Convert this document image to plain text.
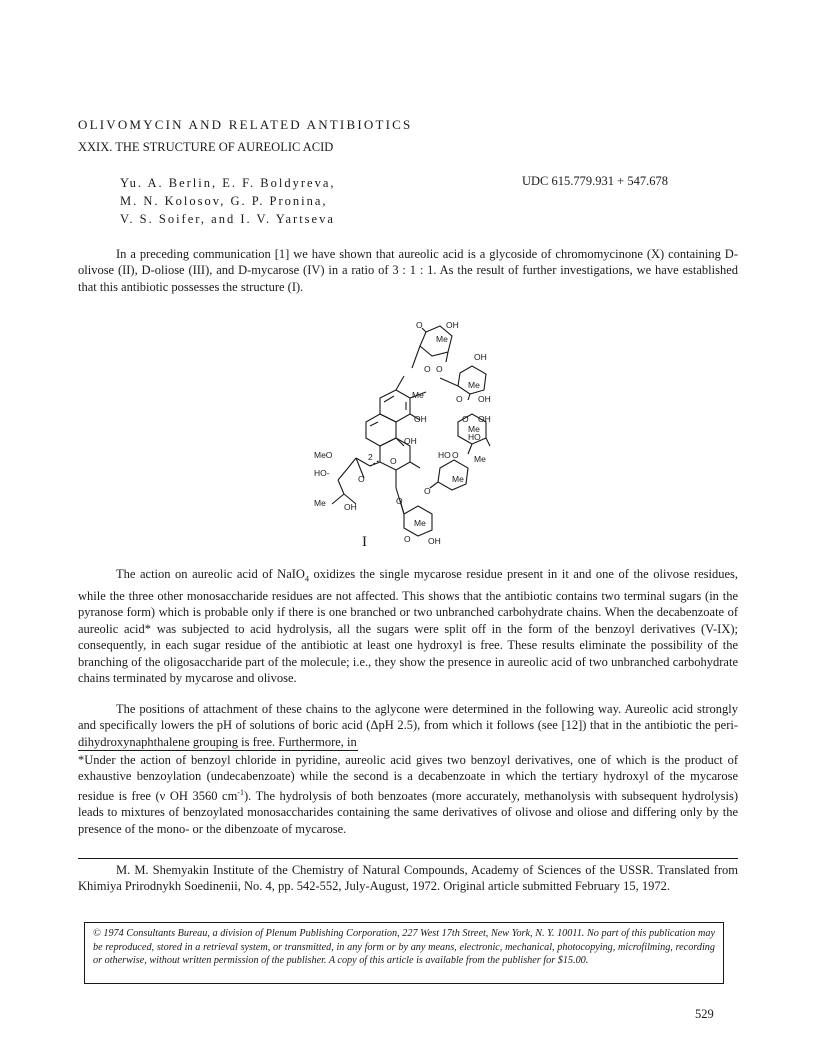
OLIVOMYCIN AND RELATED ANTIBIOTICS
XXIX. THE STRUCTURE OF AUREOLIC ACID
Yu. A. Berlin, E. F. Boldyreva,
M. N. Kolosov, G. P. Pronina,
V. S. Soifer, and I. V. Yartseva
UDC 615.779.931 + 547.678

In a preceding communication [1] we have shown that aureolic acid is a glycoside of chromomycinone (X) containing D-olivose (II), D-oliose (III), and D-mycarose (IV) in a ratio of 3 : 1 : 1. As the result of further investigations, we have established that this antibiotic possesses the structure (I).

O	OH
Me
OH
O O
Me
O OH
Me
OH
OH
O OH
Me
HO
HO O Me
Me
O
MeO	2 O
HO-
O
Me OH
O
Me
O OH
I

The action on aureolic acid of NaIO$_4$ oxidizes the single mycarose residue present in it and one of the olivose residues, while the three other monosaccharide residues are not affected. This shows that the antibiotic contains two terminal sugars (in the pyranose form) which is probable only if there is one branched or two unbranched carbohydrate chains. When the decabenzoate of aureolic acid* was subjected to acid hydrolysis, all the sugars were split off in the form of the benzoyl derivatives (V-IX); consequently, in each sugar residue of the antibiotic at least one hydroxyl is free. These results eliminate the possibility of the branching of the oligosaccharide part of the molecule; i.e., they show the presence in aureolic acid of two unbranched carbohydrate chains terminated by mycarose and olivose.

The positions of attachment of these chains to the aglycone were determined in the following way. Aureolic acid strongly and specifically lowers the pH of solutions of boric acid (ΔpH 2.5), from which it follows (see [12]) that in the antibiotic the peri-dihydroxynaphthalene grouping is free. Furthermore, in

*Under the action of benzoyl chloride in pyridine, aureolic acid gives two benzoyl derivatives, one of which is the product of exhaustive benzoylation (undecabenzoate) while the second is a decabenzoate in which the tertiary hydroxyl of the mycarose residue is free (ν OH 3560 $cm^{-1}$). The hydrolysis of both benzoates (more accurately, methanolysis with subsequent hydrolysis) leads to mixtures of benzoylated monosaccharides containing the same derivatives of olivose and oliose and differing only by the presence of the mono- or the dibenzoate of mycarose.

M. M. Shemyakin Institute of the Chemistry of Natural Compounds, Academy of Sciences of the USSR. Translated from Khimiya Prirodnykh Soedinenii, No. 4, pp. 542-552, July-August, 1972. Original article submitted February 15, 1972.

© 1974 Consultants Bureau, a division of Plenum Publishing Corporation, 227 West 17th Street, New York, N. Y. 10011. No part of this publication may be reproduced, stored in a retrieval system, or transmitted, in any form or by any means, electronic, mechanical, photocopying, microfilming, recording or otherwise, without written permission of the publisher. A copy of this article is available from the publisher for $15.00.
529
